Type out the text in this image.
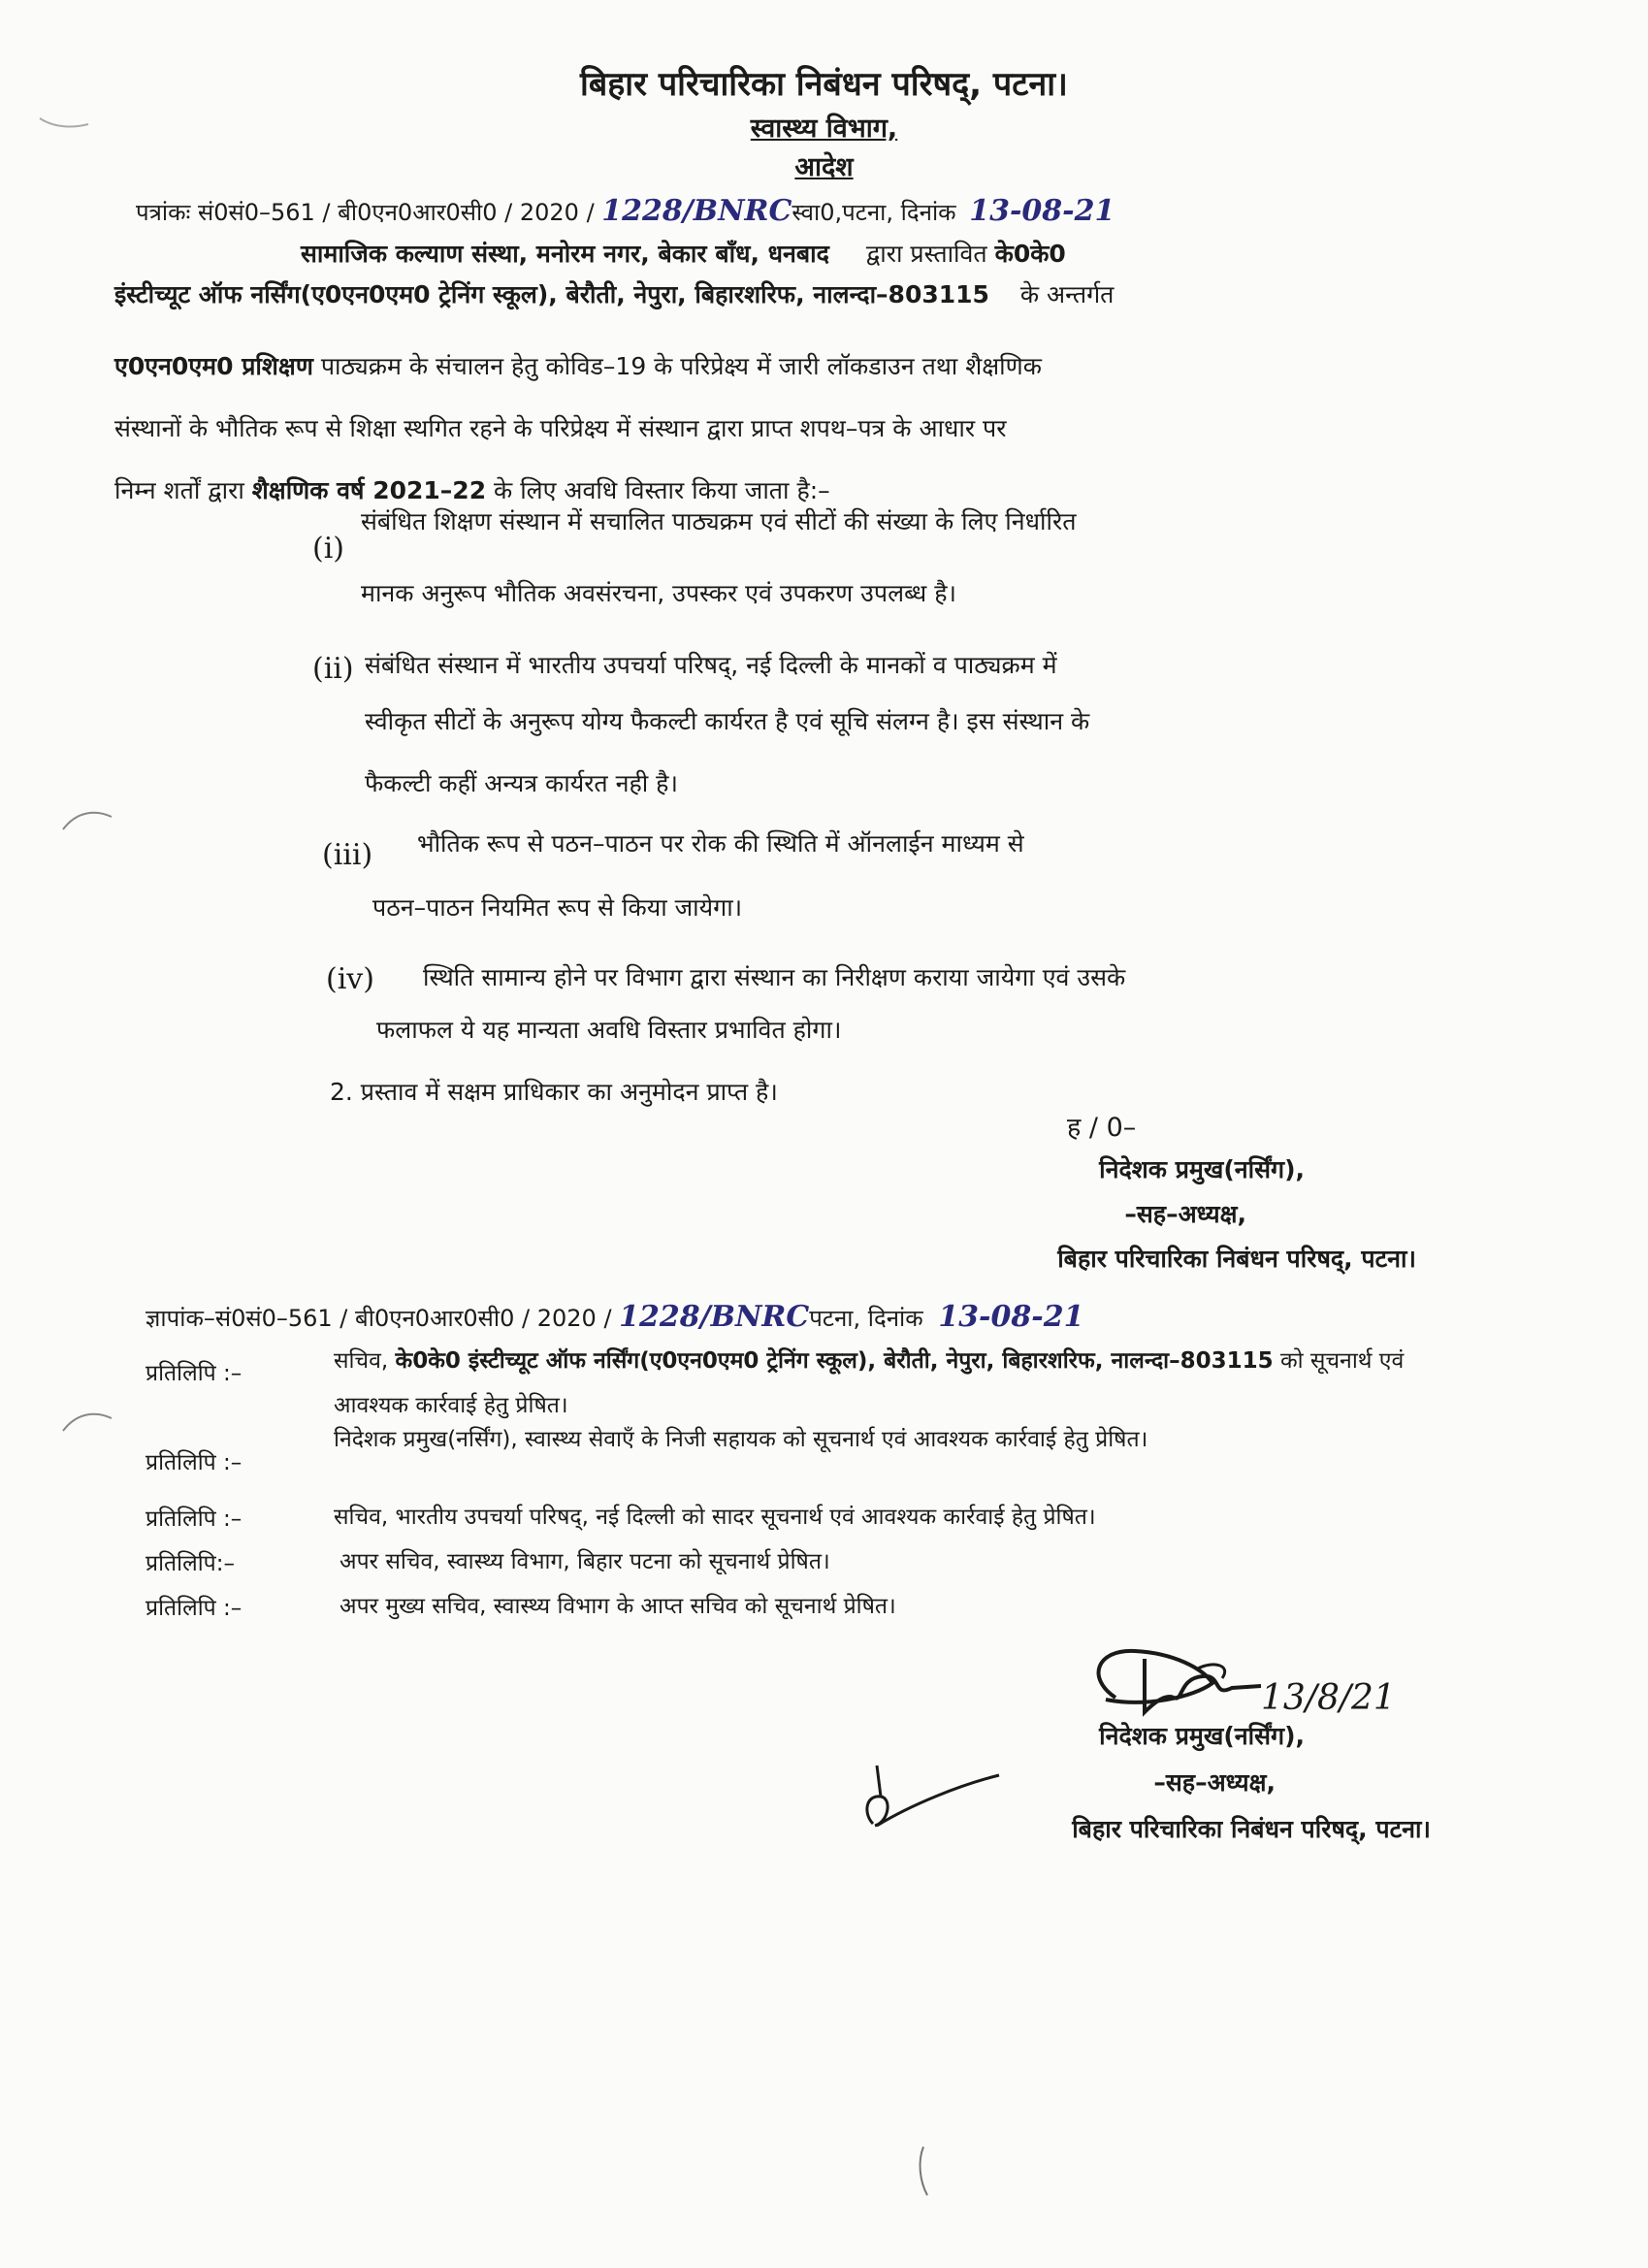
बिहार परिचारिका निबंधन परिषद्, पटना।
स्वास्थ्य विभाग,
आदेश
पत्रांकः सं0सं0–561 / बी0एन0आर0सी0 / 2020 / 1228/BNRCस्वा0,पटना, दिनांक 13-08-21
सामाजिक कल्याण संस्था, मनोरम नगर, बेकार बाँध, धनबाद द्वारा प्रस्तावित के0के0
इंस्टीच्यूट ऑफ नर्सिंग(ए0एन0एम0 ट्रेनिंग स्कूल), बेरौती, नेपुरा, बिहारशरिफ, नालन्दा–803115 के अन्तर्गत
ए0एन0एम0 प्रशिक्षण पाठ्यक्रम के संचालन हेतु कोविड–19 के परिप्रेक्ष्य में जारी लॉकडाउन तथा शैक्षणिक
संस्थानों के भौतिक रूप से शिक्षा स्थगित रहने के परिप्रेक्ष्य में संस्थान द्वारा प्राप्त शपथ–पत्र के आधार पर
निम्न शर्तों द्वारा शैक्षणिक वर्ष 2021–22 के लिए अवधि विस्तार किया जाता है:–
(i)
संबंधित शिक्षण संस्थान में सचालित पाठ्यक्रम एवं सीटों की संख्या के लिए निर्धारित
मानक अनुरूप भौतिक अवसंरचना, उपस्कर एवं उपकरण उपलब्ध है।
(ii) संबंधित संस्थान में भारतीय उपचर्या परिषद्, नई दिल्ली के मानकों व पाठ्यक्रम में
स्वीकृत सीटों के अनुरूप योग्य फैकल्टी कार्यरत है एवं सूचि संलग्न है। इस संस्थान के
फैकल्टी कहीं अन्यत्र कार्यरत नही है।
(iii) भौतिक रूप से पठन–पाठन पर रोक की स्थिति में ऑनलाईन माध्यम से
पठन–पाठन नियमित रूप से किया जायेगा।
(iv) स्थिति सामान्य होने पर विभाग द्वारा संस्थान का निरीक्षण कराया जायेगा एवं उसके
फलाफल ये यह मान्यता अवधि विस्तार प्रभावित होगा।
2. प्रस्ताव में सक्षम प्राधिकार का अनुमोदन प्राप्त है।
ह / 0–
निदेशक प्रमुख(नर्सिंग),
–सह–अध्यक्ष,
बिहार परिचारिका निबंधन परिषद्, पटना।
ज्ञापांक–सं0सं0–561 / बी0एन0आर0सी0 / 2020 / 1228/BNRCपटना, दिनांक 13-08-21
प्रतिलिपि :–	सचिव, के0के0 इंस्टीच्यूट ऑफ नर्सिंग(ए0एन0एम0 ट्रेनिंग स्कूल), बेरौती, नेपुरा, बिहारशरिफ, नालन्दा–803115 को सूचनार्थ एवं आवश्यक कार्रवाई हेतु प्रेषित।
प्रतिलिपि :–
निदेशक प्रमुख(नर्सिंग), स्वास्थ्य सेवाएँ के निजी सहायक को सूचनार्थ एवं आवश्यक कार्रवाई हेतु प्रेषित।
प्रतिलिपि :–	सचिव, भारतीय उपचर्या परिषद्, नई दिल्ली को सादर सूचनार्थ एवं आवश्यक कार्रवाई हेतु प्रेषित।
प्रतिलिपि:–	अपर सचिव, स्वास्थ्य विभाग, बिहार पटना को सूचनार्थ प्रेषित।
प्रतिलिपि :–	अपर मुख्य सचिव, स्वास्थ्य विभाग के आप्त सचिव को सूचनार्थ प्रेषित।
13/8/21
निदेशक प्रमुख(नर्सिंग),
–सह–अध्यक्ष,
बिहार परिचारिका निबंधन परिषद्, पटना।
